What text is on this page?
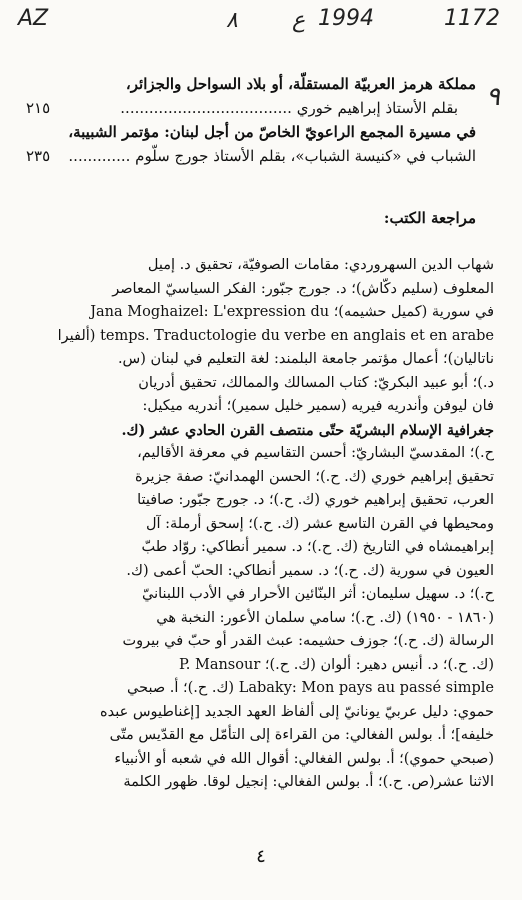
AZ	٨ ع 1994	1172
٩
مملكة هرمز العربيّة المستقلّة، أو بلاد السواحل والجزائر،
بقلم الأستاذ إبراهيم خوري ....................................
٢١٥
في مسيرة المجمع الراعويّ الخاصّ من أجل لبنان: مؤتمر الشبيبة،
الشباب في «كنيسة الشباب»، بقلم الأستاذ جورج سلّوم .............
٢٣٥
مراجعة الكتب:
شهاب الدين السهروردي: مقامات الصوفيّة، تحقيق د. إميل
المعلوف (سليم دكّاش)؛ د. جورج جبّور: الفكر السياسيّ المعاصر
في سورية (كميل حشيمه)؛ Jana Moghaizel: L'expression du
temps. Traductologie du verbe en anglais et en arabe (ألفيرا
ناتاليان)؛ أعمال مؤتمر جامعة البلمند: لغة التعليم في لبنان (س.
د.)؛ أبو عبيد البكريّ: كتاب المسالك والممالك، تحقيق أدريان
فان ليوفن وأندريه فيريه (سمير خليل سمير)؛ أندريه ميكيل:
جغرافية الإسلام البشريّة حتّى منتصف القرن الحادي عشر (ك.
ح.)؛ المقدسيّ البشاريّ: أحسن التقاسيم في معرفة الأقاليم،
تحقيق إبراهيم خوري (ك. ح.)؛ الحسن الهمدانيّ: صفة جزيرة
العرب، تحقيق إبراهيم خوري (ك. ح.)؛ د. جورج جبّور: صافيتا
ومحيطها في القرن التاسع عشر (ك. ح.)؛ إسحق أرملة: آل
إبراهيمشاه في التاريخ (ك. ح.)؛ د. سمير أنطاكي: روّاد طبّ
العيون في سورية (ك. ح.)؛ د. سمير أنطاكي: الحبّ أعمى (ك.
ح.)؛ د. سهيل سليمان: أثر البنّائين الأحرار في الأدب اللبنانيّ
(١٨٦٠ - ١٩٥٠) (ك. ح.)؛ سامي سلمان الأعور: النخبة هي
الرسالة (ك. ح.)؛ جوزف حشيمه: عبث القدر أو حبّ في بيروت
(ك. ح.)؛ د. أنيس دهير: ألوان (ك. ح.)؛ P. Mansour
Labaky: Mon pays au passé simple (ك. ح.)؛ أ. صبحي
حموي: دليل عربيّ يونانيّ إلى ألفاظ العهد الجديد [إغناطيوس عبده
خليفه]؛ أ. بولس الفغالي: من القراءة إلى التأمّل مع القدّيس متّى
(صبحي حموي)؛ أ. بولس الفغالي: أقوال الله في شعبه أو الأنبياء
الاثنا عشر(ص. ح.)؛ أ. بولس الفغالي: إنجيل لوقا. ظهور الكلمة
٤
